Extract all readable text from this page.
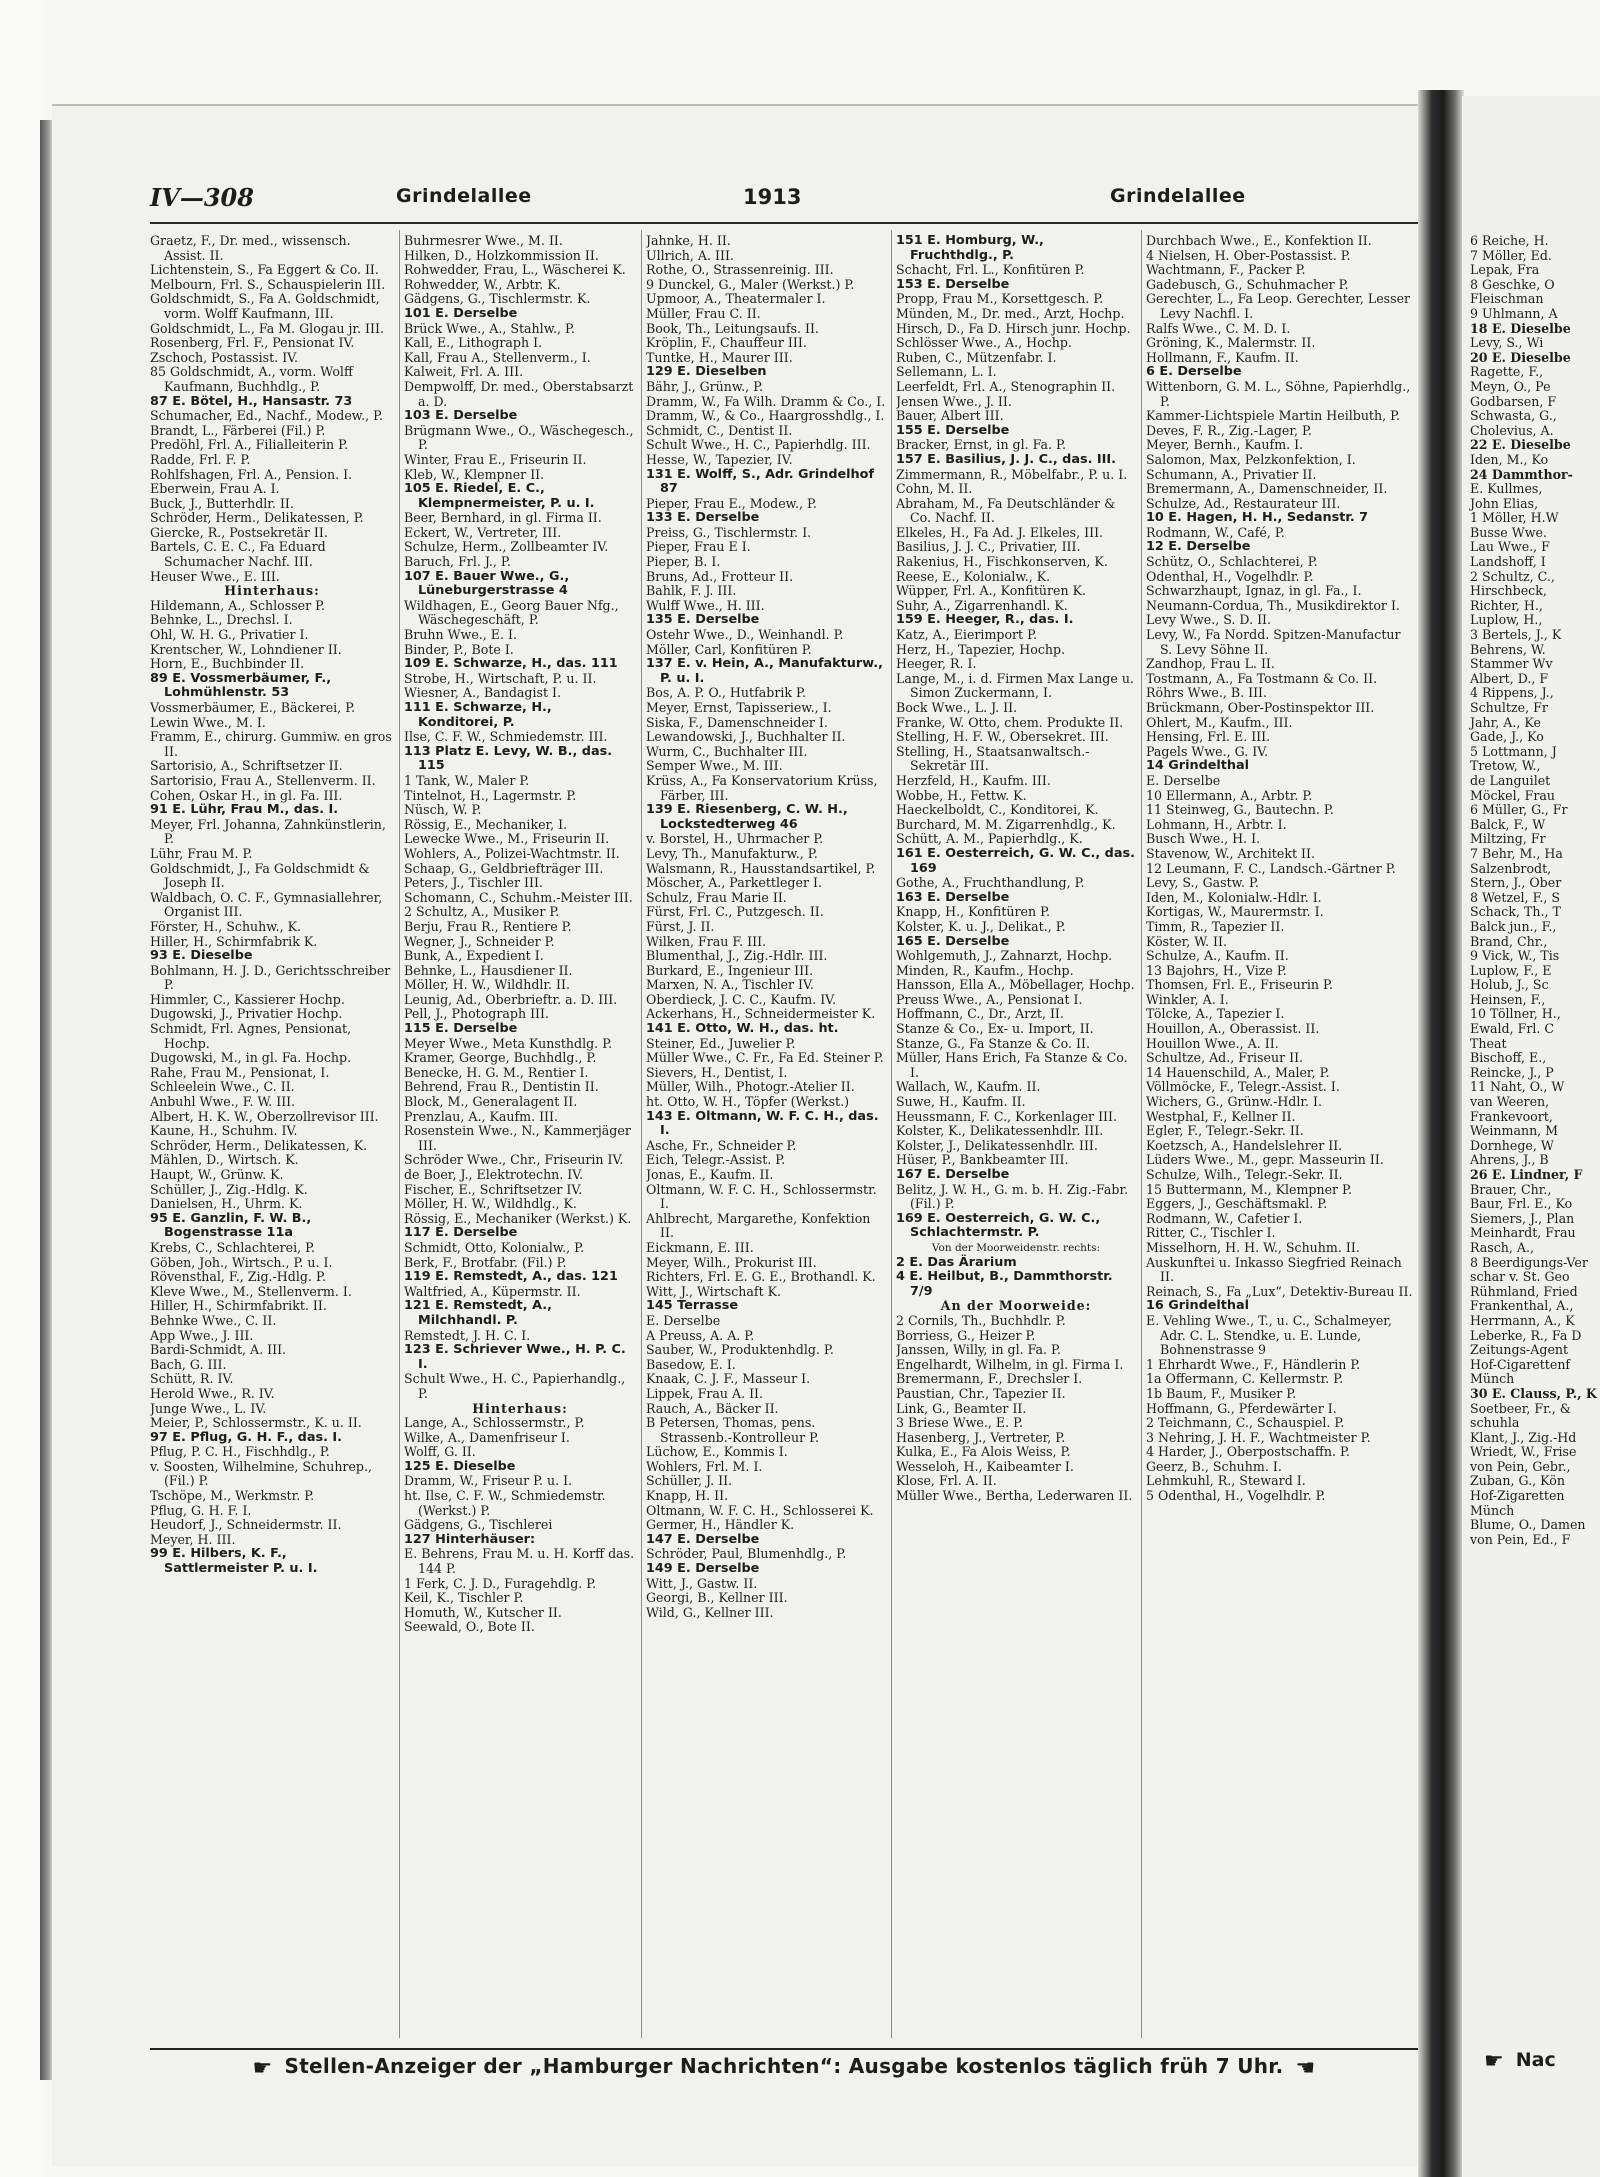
IV—308	Grindelallee	1913	Grindelallee

Graetz, F., Dr. med., wissensch. Assist. II.

Lichtenstein, S., Fa Eggert & Co. II.

Melbourn, Frl. S., Schauspielerin III.

Goldschmidt, S., Fa A. Goldschmidt, vorm. Wolff Kaufmann, III.

Goldschmidt, L., Fa M. Glogau jr. III.

Rosenberg, Frl. F., Pensionat IV.

Zschoch, Postassist. IV.

85 Goldschmidt, A., vorm. Wolff Kaufmann, Buchhdlg., P.

87 E. Bötel, H., Hansastr. 73

Schumacher, Ed., Nachf., Modew., P.

Brandt, L., Färberei (Fil.) P.

Predöhl, Frl. A., Filialleiterin P.

Radde, Frl. F. P.

Rohlfshagen, Frl. A., Pension. I.

Eberwein, Frau A. I.

Buck, J., Butterhdlr. II.

Schröder, Herm., Delikatessen, P.

Giercke, R., Postsekretär II.

Bartels, C. E. C., Fa Eduard Schumacher Nachf. III.

Heuser Wwe., E. III.

Hinterhaus:

Hildemann, A., Schlosser P.

Behnke, L., Drechsl. I.

Ohl, W. H. G., Privatier I.

Krentscher, W., Lohndiener II.

Horn, E., Buchbinder II.

89 E. Vossmerbäumer, F., Lohmühlenstr. 53

Vossmerbäumer, E., Bäckerei, P.

Lewin Wwe., M. I.

Framm, E., chirurg. Gummiw. en gros II.

Sartorisio, A., Schriftsetzer II.

Sartorisio, Frau A., Stellenverm. II.

Cohen, Oskar H., in gl. Fa. III.

91 E. Lühr, Frau M., das. I.

Meyer, Frl. Johanna, Zahnkünstlerin, P.

Lühr, Frau M. P.

Goldschmidt, J., Fa Goldschmidt & Joseph II.

Waldbach, O. C. F., Gymnasiallehrer, Organist III.

Förster, H., Schuhw., K.

Hiller, H., Schirmfabrik K.

93 E. Dieselbe

Bohlmann, H. J. D., Gerichtsschreiber P.

Himmler, C., Kassierer Hochp.

Dugowski, J., Privatier Hochp.

Schmidt, Frl. Agnes, Pensionat, Hochp.

Dugowski, M., in gl. Fa. Hochp.

Rahe, Frau M., Pensionat, I.

Schleelein Wwe., C. II.

Anbuhl Wwe., F. W. III.

Albert, H. K. W., Oberzollrevisor III.

Kaune, H., Schuhm. IV.

Schröder, Herm., Delikatessen, K.

Mählen, D., Wirtsch. K.

Haupt, W., Grünw. K.

Schüller, J., Zig.-Hdlg. K.

Danielsen, H., Uhrm. K.

95 E. Ganzlin, F. W. B., Bogenstrasse 11a

Krebs, C., Schlachterei, P.

Göben, Joh., Wirtsch., P. u. I.

Rövensthal, F., Zig.-Hdlg. P.

Kleve Wwe., M., Stellenverm. I.

Hiller, H., Schirmfabrikt. II.

Behnke Wwe., C. II.

App Wwe., J. III.

Bardi-Schmidt, A. III.

Bach, G. III.

Schütt, R. IV.

Herold Wwe., R. IV.

Junge Wwe., L. IV.

Meier, P., Schlossermstr., K. u. II.

97 E. Pflug, G. H. F., das. I.

Pflug, P. C. H., Fischhdlg., P.

v. Soosten, Wilhelmine, Schuhrep., (Fil.) P.

Tschöpe, M., Werkmstr. P.

Pflug, G. H. F. I.

Heudorf, J., Schneidermstr. II.

Meyer, H. III.

99 E. Hilbers, K. F., Sattlermeister P. u. I.

Buhrmesrer Wwe., M. II.

Hilken, D., Holzkommission II.

Rohwedder, Frau, L., Wäscherei K.

Rohwedder, W., Arbtr. K.

Gädgens, G., Tischlermstr. K.

101 E. Derselbe

Brück Wwe., A., Stahlw., P.

Kall, E., Lithograph I.

Kall, Frau A., Stellenverm., I.

Kalweit, Frl. A. III.

Dempwolff, Dr. med., Oberstabsarzt a. D.

103 E. Derselbe

Brügmann Wwe., O., Wäschegesch., P.

Winter, Frau E., Friseurin II.

Kleb, W., Klempner II.

105 E. Riedel, E. C., Klempnermeister, P. u. I.

Beer, Bernhard, in gl. Firma II.

Eckert, W., Vertreter, III.

Schulze, Herm., Zollbeamter IV.

Baruch, Frl. J., P.

107 E. Bauer Wwe., G., Lüneburgerstrasse 4

Wildhagen, E., Georg Bauer Nfg., Wäschegeschäft, P.

Bruhn Wwe., E. I.

Binder, P., Bote I.

109 E. Schwarze, H., das. 111

Strobe, H., Wirtschaft, P. u. II.

Wiesner, A., Bandagist I.

111 E. Schwarze, H., Konditorei, P.

Ilse, C. F. W., Schmiedemstr. III.

113 Platz E. Levy, W. B., das. 115

1 Tank, W., Maler P.

Tintelnot, H., Lagermstr. P.

Nüsch, W. P.

Rössig, E., Mechaniker, I.

Lewecke Wwe., M., Friseurin II.

Wohlers, A., Polizei-Wachtmstr. II.

Schaap, G., Geldbriefträger III.

Peters, J., Tischler III.

Schomann, C., Schuhm.-Meister III.

2 Schultz, A., Musiker P.

Berju, Frau R., Rentiere P.

Wegner, J., Schneider P.

Bunk, A., Expedient I.

Behnke, L., Hausdiener II.

Möller, H. W., Wildhdlr. II.

Leunig, Ad., Oberbrieftr. a. D. III.

Pell, J., Photograph III.

115 E. Derselbe

Meyer Wwe., Meta Kunsthdlg. P.

Kramer, George, Buchhdlg., P.

Benecke, H. G. M., Rentier I.

Behrend, Frau R., Dentistin II.

Block, M., Generalagent II.

Prenzlau, A., Kaufm. III.

Rosenstein Wwe., N., Kammerjäger III.

Schröder Wwe., Chr., Friseurin IV.

de Boer, J., Elektrotechn. IV.

Fischer, E., Schriftsetzer IV.

Möller, H. W., Wildhdlg., K.

Rössig, E., Mechaniker (Werkst.) K.

117 E. Derselbe

Schmidt, Otto, Kolonialw., P.

Berk, F., Brotfabr. (Fil.) P.

119 E. Remstedt, A., das. 121

Waltfried, A., Küpermstr. II.

121 E. Remstedt, A., Milchhandl. P.

Remstedt, J. H. C. I.

123 E. Schriever Wwe., H. P. C. I.

Schult Wwe., H. C., Papierhandlg., P.

Hinterhaus:

Lange, A., Schlossermstr., P.

Wilke, A., Damenfriseur I.

Wolff, G. II.

125 E. Dieselbe

Dramm, W., Friseur P. u. I.

ht. Ilse, C. F. W., Schmiedemstr. (Werkst.) P.

Gädgens, G., Tischlerei

127 Hinterhäuser:

E. Behrens, Frau M. u. H. Korff das. 144 P.

1 Ferk, C. J. D., Furagehdlg. P.

Keil, K., Tischler P.

Homuth, W., Kutscher II.

Seewald, O., Bote II.

Jahnke, H. II.

Ullrich, A. III.

Rothe, O., Strassenreinig. III.

9 Dunckel, G., Maler (Werkst.) P.

Upmoor, A., Theatermaler I.

Müller, Frau C. II.

Book, Th., Leitungsaufs. II.

Kröplin, F., Chauffeur III.

Tuntke, H., Maurer III.

129 E. Dieselben

Bähr, J., Grünw., P.

Dramm, W., Fa Wilh. Dramm & Co., I.

Dramm, W., & Co., Haargrosshdlg., I.

Schmidt, C., Dentist II.

Schult Wwe., H. C., Papierhdlg. III.

Hesse, W., Tapezier, IV.

131 E. Wolff, S., Adr. Grindelhof 87

Pieper, Frau E., Modew., P.

133 E. Derselbe

Preiss, G., Tischlermstr. I.

Pieper, Frau E I.

Pieper, B. I.

Bruns, Ad., Frotteur II.

Bahlk, F. J. III.

Wulff Wwe., H. III.

135 E. Derselbe

Ostehr Wwe., D., Weinhandl. P.

Möller, Carl, Konfitüren P.

137 E. v. Hein, A., Manufakturw., P. u. I.

Bos, A. P. O., Hutfabrik P.

Meyer, Ernst, Tapisseriew., I.

Siska, F., Damenschneider I.

Lewandowski, J., Buchhalter II.

Wurm, C., Buchhalter III.

Semper Wwe., M. III.

Krüss, A., Fa Konservatorium Krüss, Färber, III.

139 E. Riesenberg, C. W. H., Lockstedterweg 46

v. Borstel, H., Uhrmacher P.

Levy, Th., Manufakturw., P.

Walsmann, R., Hausstandsartikel, P.

Möscher, A., Parkettleger I.

Schulz, Frau Marie II.

Fürst, Frl. C., Putzgesch. II.

Fürst, J. II.

Wilken, Frau F. III.

Blumenthal, J., Zig.-Hdlr. III.

Burkard, E., Ingenieur III.

Marxen, N. A., Tischler IV.

Oberdieck, J. C. C., Kaufm. IV.

Ackerhans, H., Schneidermeister K.

141 E. Otto, W. H., das. ht.

Steiner, Ed., Juwelier P.

Müller Wwe., C. Fr., Fa Ed. Steiner P.

Sievers, H., Dentist, I.

Müller, Wilh., Photogr.-Atelier II.

ht. Otto, W. H., Töpfer (Werkst.)

143 E. Oltmann, W. F. C. H., das. I.

Asche, Fr., Schneider P.

Eich, Telegr.-Assist. P.

Jonas, E., Kaufm. II.

Oltmann, W. F. C. H., Schlossermstr. I.

Ahlbrecht, Margarethe, Konfektion II.

Eickmann, E. III.

Meyer, Wilh., Prokurist III.

Richters, Frl. E. G. E., Brothandl. K.

Witt, J., Wirtschaft K.

145 Terrasse

E. Derselbe

A Preuss, A. A. P.

Sauber, W., Produktenhdlg. P.

Basedow, E. I.

Knaak, C. J. F., Masseur I.

Lippek, Frau A. II.

Rauch, A., Bäcker II.

B Petersen, Thomas, pens. Strassenb.-Kontrolleur P.

Lüchow, E., Kommis I.

Wohlers, Frl. M. I.

Schüller, J. II.

Knapp, H. II.

Oltmann, W. F. C. H., Schlosserei K.

Germer, H., Händler K.

147 E. Derselbe

Schröder, Paul, Blumenhdlg., P.

149 E. Derselbe

Witt, J., Gastw. II.

Georgi, B., Kellner III.

Wild, G., Kellner III.

151 E. Homburg, W., Fruchthdlg., P.

Schacht, Frl. L., Konfitüren P.

153 E. Derselbe

Propp, Frau M., Korsettgesch. P.

Münden, M., Dr. med., Arzt, Hochp.

Hirsch, D., Fa D. Hirsch junr. Hochp.

Schlösser Wwe., A., Hochp.

Ruben, C., Mützenfabr. I.

Sellemann, L. I.

Leerfeldt, Frl. A., Stenographin II.

Jensen Wwe., J. II.

Bauer, Albert III.

155 E. Derselbe

Bracker, Ernst, in gl. Fa. P.

157 E. Basilius, J. J. C., das. III.

Zimmermann, R., Möbelfabr., P. u. I.

Cohn, M. II.

Abraham, M., Fa Deutschländer & Co. Nachf. II.

Elkeles, H., Fa Ad. J. Elkeles, III.

Basilius, J. J. C., Privatier, III.

Rakenius, H., Fischkonserven, K.

Reese, E., Kolonialw., K.

Wüpper, Frl. A., Konfitüren K.

Suhr, A., Zigarrenhandl. K.

159 E. Heeger, R., das. I.

Katz, A., Eierimport P.

Herz, H., Tapezier, Hochp.

Heeger, R. I.

Lange, M., i. d. Firmen Max Lange u. Simon Zuckermann, I.

Bock Wwe., L. J. II.

Franke, W. Otto, chem. Produkte II.

Stelling, H. F. W., Obersekret. III.

Stelling, H., Staatsanwaltsch.-Sekretär III.

Herzfeld, H., Kaufm. III.

Wobbe, H., Fettw. K.

Haeckelboldt, C., Konditorei, K.

Burchard, M. M. Zigarrenhdlg., K.

Schütt, A. M., Papierhdlg., K.

161 E. Oesterreich, G. W. C., das. 169

Gothe, A., Fruchthandlung, P.

163 E. Derselbe

Knapp, H., Konfitüren P.

Kolster, K. u. J., Delikat., P.

165 E. Derselbe

Wohlgemuth, J., Zahnarzt, Hochp.

Minden, R., Kaufm., Hochp.

Hansson, Ella A., Möbellager, Hochp.

Preuss Wwe., A., Pensionat I.

Hoffmann, C., Dr., Arzt, II.

Stanze & Co., Ex- u. Import, II.

Stanze, G., Fa Stanze & Co. II.

Müller, Hans Erich, Fa Stanze & Co. I.

Wallach, W., Kaufm. II.

Suwe, H., Kaufm. II.

Heussmann, F. C., Korkenlager III.

Kolster, K., Delikatessenhdlr. III.

Kolster, J., Delikatessenhdlr. III.

Hüser, P., Bankbeamter III.

167 E. Derselbe

Belitz, J. W. H., G. m. b. H. Zig.-Fabr. (Fil.) P.

169 E. Oesterreich, G. W. C., Schlachtermstr. P.

Von der Moorweidenstr. rechts:

2 E. Das Ärarium

4 E. Heilbut, B., Dammthorstr. 7/9

An der Moorweide:

2 Cornils, Th., Buchhdlr. P.

Borriess, G., Heizer P.

Janssen, Willy, in gl. Fa. P.

Engelhardt, Wilhelm, in gl. Firma I.

Bremermann, F., Drechsler I.

Paustian, Chr., Tapezier II.

Link, G., Beamter II.

3 Briese Wwe., E. P.

Hasenberg, J., Vertreter, P.

Kulka, E., Fa Alois Weiss, P.

Wesseloh, H., Kaibeamter I.

Klose, Frl. A. II.

Müller Wwe., Bertha, Lederwaren II.

Durchbach Wwe., E., Konfektion II.

4 Nielsen, H. Ober-Postassist. P.

Wachtmann, F., Packer P.

Gadebusch, G., Schuhmacher P.

Gerechter, L., Fa Leop. Gerechter, Lesser Levy Nachfl. I.

Ralfs Wwe., C. M. D. I.

Gröning, K., Malermstr. II.

Hollmann, F., Kaufm. II.

6 E. Derselbe

Wittenborn, G. M. L., Söhne, Papierhdlg., P.

Kammer-Lichtspiele Martin Heilbuth, P.

Deves, F. R., Zig.-Lager, P.

Meyer, Bernh., Kaufm. I.

Salomon, Max, Pelzkonfektion, I.

Schumann, A., Privatier II.

Bremermann, A., Damenschneider, II.

Schulze, Ad., Restaurateur III.

10 E. Hagen, H. H., Sedanstr. 7

Rodmann, W., Café, P.

12 E. Derselbe

Schütz, O., Schlachterei, P.

Odenthal, H., Vogelhdlr. P.

Schwarzhaupt, Ignaz, in gl. Fa., I.

Neumann-Cordua, Th., Musikdirektor I.

Levy Wwe., S. D. II.

Levy, W., Fa Nordd. Spitzen-Manufactur S. Levy Söhne II.

Zandhop, Frau L. II.

Tostmann, A., Fa Tostmann & Co. II.

Röhrs Wwe., B. III.

Brückmann, Ober-Postinspektor III.

Ohlert, M., Kaufm., III.

Hensing, Frl. E. III.

Pagels Wwe., G. IV.

14 Grindelthal

E. Derselbe

10 Ellermann, A., Arbtr. P.

11 Steinweg, G., Bautechn. P.

Lohmann, H., Arbtr. I.

Busch Wwe., H. I.

Stavenow, W., Architekt II.

12 Leumann, F. C., Landsch.-Gärtner P.

Levy, S., Gastw. P.

Iden, M., Kolonialw.-Hdlr. I.

Kortigas, W., Maurermstr. I.

Timm, R., Tapezier II.

Köster, W. II.

Schulze, A., Kaufm. II.

13 Bajohrs, H., Vize P.

Thomsen, Frl. E., Friseurin P.

Winkler, A. I.

Tölcke, A., Tapezier I.

Houillon, A., Oberassist. II.

Houillon Wwe., A. II.

Schultze, Ad., Friseur II.

14 Hauenschild, A., Maler, P.

Völlmöcke, F., Telegr.-Assist. I.

Wichers, G., Grünw.-Hdlr. I.

Westphal, F., Kellner II.

Egler, F., Telegr.-Sekr. II.

Koetzsch, A., Handelslehrer II.

Lüders Wwe., M., gepr. Masseurin II.

Schulze, Wilh., Telegr.-Sekr. II.

15 Buttermann, M., Klempner P.

Eggers, J., Geschäftsmakl. P.

Rodmann, W., Cafetier I.

Ritter, C., Tischler I.

Misselhorn, H. H. W., Schuhm. II.

Auskunftei u. Inkasso Siegfried Reinach II.

Reinach, S., Fa „Lux“, Detektiv-Bureau II.

16 Grindelthal

E. Vehling Wwe., T., u. C., Schalmeyer, Adr. C. L. Stendke, u. E. Lunde, Bohnenstrasse 9

1 Ehrhardt Wwe., F., Händlerin P.

1a Offermann, C. Kellermstr. P.

1b Baum, F., Musiker P.

Hoffmann, G., Pferdewärter I.

2 Teichmann, C., Schauspiel. P.

3 Nehring, J. H. F., Wachtmeister P.

4 Harder, J., Oberpostschaffn. P.

Geerz, B., Schuhm. I.

Lehmkuhl, R., Steward I.

5 Odenthal, H., Vogelhdlr. P.

☛ Stellen-Anzeiger der „Hamburger Nachrichten“: Ausgabe kostenlos täglich früh 7 Uhr. ☚
6 Reiche, H.
7 Möller, Ed.
Lepak, Fra
8 Geschke, O
Fleischman
9 Uhlmann, A
18 E. Dieselbe
Levy, S., Wi
20 E. Dieselbe
Ragette, F.,
Meyn, O., Pe
Godbarsen, F
Schwasta, G.,
Cholevius, A.
22 E. Dieselbe
Iden, M., Ko
24 Dammthor-
E. Kullmes,
John Elias,
1 Möller, H.W
Busse Wwe.
Lau Wwe., F
Landshoff, I
2 Schultz, C.,
Hirschbeck,
Richter, H.,
Luplow, H.,
3 Bertels, J., K
Behrens, W.
Stammer Wv
Albert, D., F
4 Rippens, J.,
Schultze, Fr
Jahr, A., Ke
Gade, J., Ko
5 Lottmann, J
Tretow, W.,
de Languilet
Möckel, Frau
6 Müller, G., Fr
Balck, F., W
Miltzing, Fr
7 Behr, M., Ha
Salzenbrodt,
Stern, J., Ober
8 Wetzel, F., S
Schack, Th., T
Balck jun., F.,
Brand, Chr.,
9 Vick, W., Tis
Luplow, F., E
Holub, J., Sc
Heinsen, F.,
10 Töllner, H.,
Ewald, Frl. C
Theat
Bischoff, E.,
Reincke, J., P
11 Naht, O., W
van Weeren,
Frankevoort,
Weinmann, M
Dornhege, W
Ahrens, J., B
26 E. Lindner, F
Brauer, Chr.,
Baur, Frl. E., Ko
Siemers, J., Plan
Meinhardt, Frau
Rasch, A.,
8 Beerdigungs-Ver
schar v. St. Geo
Rühmland, Fried
Frankenthal, A.,
Herrmann, A., K
Leberke, R., Fa D
Zeitungs-Agent
Hof-Cigarettenf
Münch
30 E. Clauss, P., K
Soetbeer, Fr., &
schuhla
Klant, J., Zig.-Hd
Wriedt, W., Frise
von Pein, Gebr.,
Zuban, G., Kön
Hof-Zigaretten
Münch
Blume, O., Damen
von Pein, Ed., F
☛ Nac
